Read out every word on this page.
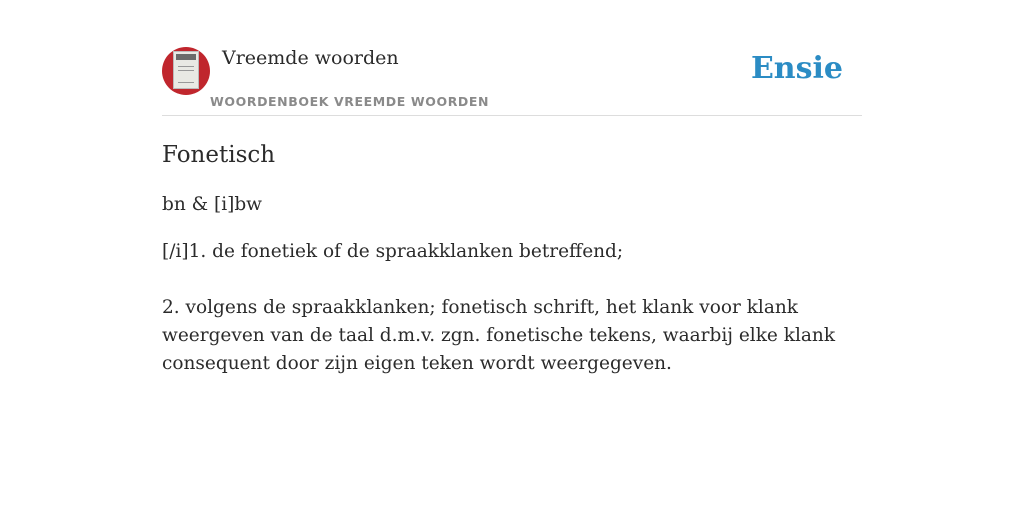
Vreemde woorden
WOORDENBOEK VREEMDE WOORDEN
Ensie
Fonetisch
bn & [i]bw

[/i]1. de fonetiek of de spraakklanken betreffend;

2. volgens de spraakklanken; fonetisch schrift, het klank voor klank weergeven van de taal d.m.v. zgn. fonetische tekens, waarbij elke klank consequent door zijn eigen teken wordt weergegeven.
